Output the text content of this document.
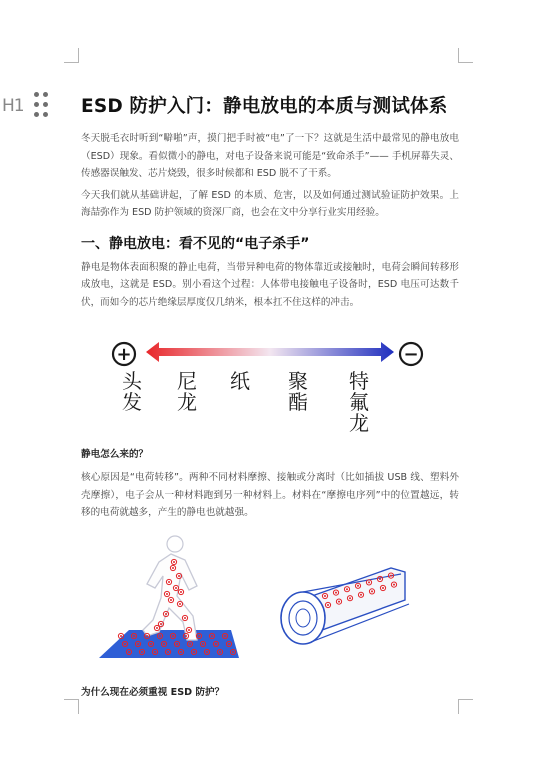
H1	ESD 防护入门：静电放电的本质与测试体系

冬天脱毛衣时听到“噼啪”声，摸门把手时被“电”了一下？这就是生活中最常见的静电放电（ESD）现象。看似微小的静电，对电子设备来说可能是“致命杀手”—— 手机屏幕失灵、传感器误触发、芯片烧毁，很多时候都和 ESD 脱不了干系。

今天我们就从基础讲起，了解 ESD 的本质、危害，以及如何通过测试验证防护效果。上海喆弥作为 ESD 防护领域的资深厂商，也会在文中分享行业实用经验。

一、静电放电：看不见的“电子杀手”

静电是物体表面积聚的静止电荷，当带异种电荷的物体靠近或接触时，电荷会瞬间转移形成放电，这就是 ESD。别小看这个过程：人体带电接触电子设备时，ESD 电压可达数千伏，而如今的芯片绝缘层厚度仅几纳米，根本扛不住这样的冲击。

+	−
头发
尼龙
纸 聚酯
特氟龙
静电怎么来的？

核心原因是“电荷转移”。两种不同材料摩擦、接触或分离时（比如插拔 USB 线、塑料外壳摩擦），电子会从一种材料跑到另一种材料上。材料在“摩擦电序列”中的位置越远，转移的电荷就越多，产生的静电也就越强。

为什么现在必须重视 ESD 防护？
